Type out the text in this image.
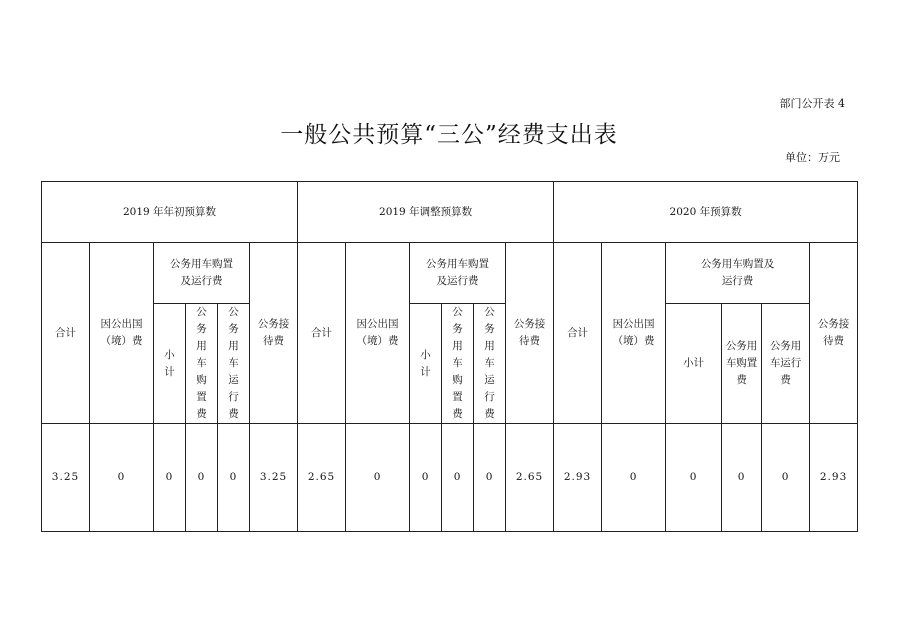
部门公开表 4
一般公共预算“三公”经费支出表
单位：万元
2019 年年初预算数						2019 年调整预算数						2020 年预算数					
合计	因公出国（境）费	公务用车购置及运行费			公务接待费	合计	因公出国（境）费	公务用车购置及运行费			公务接待费	合计	因公出国（境）费	公务用车购置及运行费			公务接待费
		小计	公务用车购置费	公务用车运行费				小计	公务用车购置费	公务用车运行费				小计	公务用车购置费	公务用车运行费	
3.25	0	0	0	0	3.25	2.65	0	0	0	0	2.65	2.93	0	0	0	0	2.93
